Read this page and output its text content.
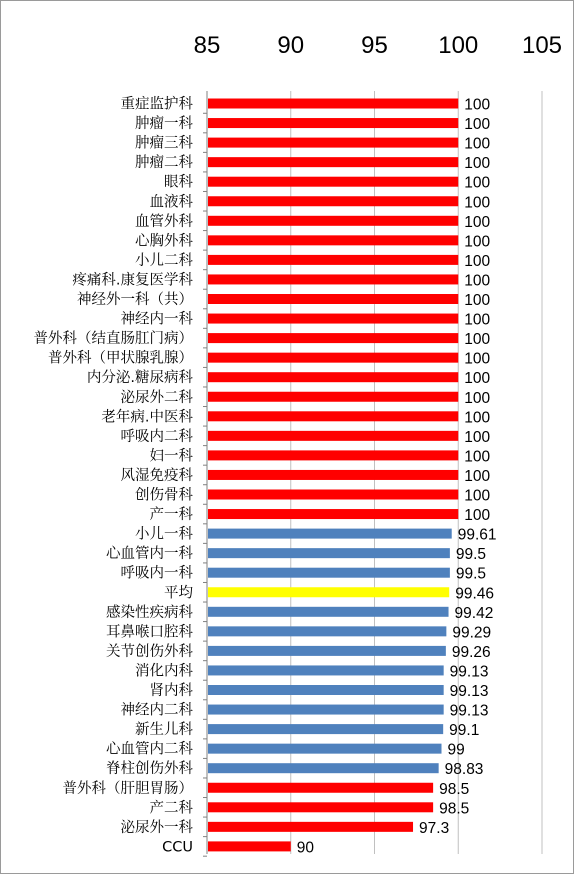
85 90 95 100 105
重症监护科
肿瘤一科
肿瘤三科
肿瘤二科
眼科
血液科
血管外科
心胸外科
小儿二科
疼痛科.康复医学科
神经外一科（共）
神经内一科
普外科（结直肠肛门病）
普外科（甲状腺乳腺）
内分泌.糖尿病科
泌尿外二科
老年病.中医科
呼吸内二科
妇一科
风湿免疫科
创伤骨科
产一科
小儿一科
心血管内一科
呼吸内一科
平均
感染性疾病科
耳鼻喉口腔科
关节创伤外科
消化内科
肾内科
神经内二科
新生儿科
心血管内二科
脊柱创伤外科
普外科（肝胆胃肠）
产二科
泌尿外一科
CCU
100
100
100
100
100
100
100
100
100
100
100
100
100
100
100
100
100
100
100
100
100
100
99.61
99.5
99.5
99.46
99.42
99.29
99.26
99.13
99.13
99.13
99.1
99
98.83
98.5
98.5
97.3
90
